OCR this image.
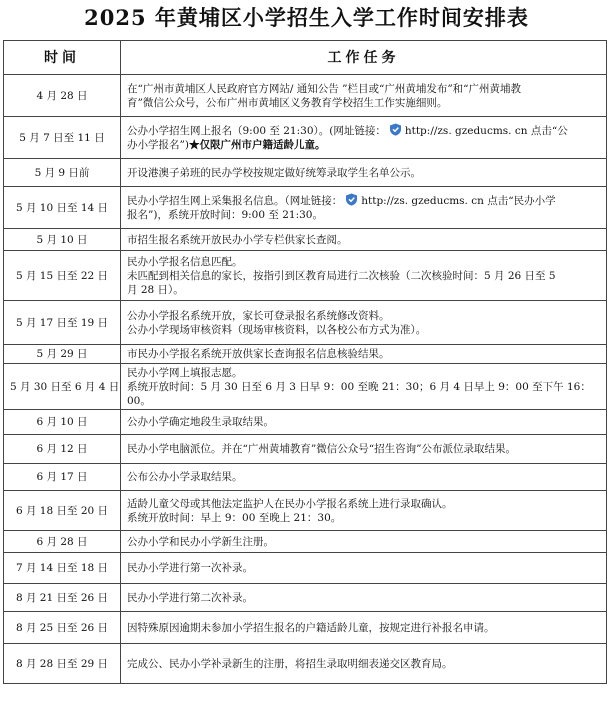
2025 年黄埔区小学招生入学工作时间安排表
时间	工作任务
4 月 28 日	在“广州市黄埔区人民政府官方网站/ 通知公告 ”栏目或“广州黄埔发布”和“广州黄埔教
育”微信公众号，公布广州市黄埔区义务教育学校招生工作实施细则。

5 月 7 日至 11 日	公办小学招生网上报名（9:00 至 21:30）。(网址链接： http://zs. gzeducms. cn 点击“公
办小学报名”)★仅限广州市户籍适龄儿童。

5 月 9 日前	开设港澳子弟班的民办学校按规定做好统筹录取学生名单公示。

5 月 10 日至 14 日	民办小学招生网上采集报名信息。（网址链接： http://zs. gzeducms. cn 点击“民办小学
报名”)，系统开放时间：9:00 至 21:30。

5 月 10 日	市招生报名系统开放民办小学专栏供家长查阅。

5 月 15 日至 22 日	民办小学报名信息匹配。
未匹配到相关信息的家长，按指引到区教育局进行二次核验（二次核验时间：5 月 26 日至 5
月 28 日）。

5 月 17 日至 19 日	公办小学报名系统开放，家长可登录报名系统修改资料。
公办小学现场审核资料（现场审核资料，以各校公布方式为准）。

5 月 29 日	市民办小学报名系统开放供家长查询报名信息核验结果。

5 月 30 日至 6 月 4 日	民办小学网上填报志愿。
系统开放时间：5 月 30 日至 6 月 3 日早 9：00 至晚 21：30；6 月 4 日早上 9：00 至下午 16：
00。

6 月 10 日	公办小学确定地段生录取结果。

6 月 12 日	民办小学电脑派位。并在“广州黄埔教育”微信公众号“招生咨询”公布派位录取结果。

6 月 17 日	公布公办小学录取结果。

6 月 18 日至 20 日	适龄儿童父母或其他法定监护人在民办小学报名系统上进行录取确认。
系统开放时间：早上 9：00 至晚上 21：30。

6 月 28 日	公办小学和民办小学新生注册。

7 月 14 日至 18 日	民办小学进行第一次补录。

8 月 21 日至 26 日	民办小学进行第二次补录。

8 月 25 日至 26 日	因特殊原因逾期未参加小学招生报名的户籍适龄儿童，按规定进行补报名申请。

8 月 28 日至 29 日	完成公、民办小学补录新生的注册，将招生录取明细表递交区教育局。
